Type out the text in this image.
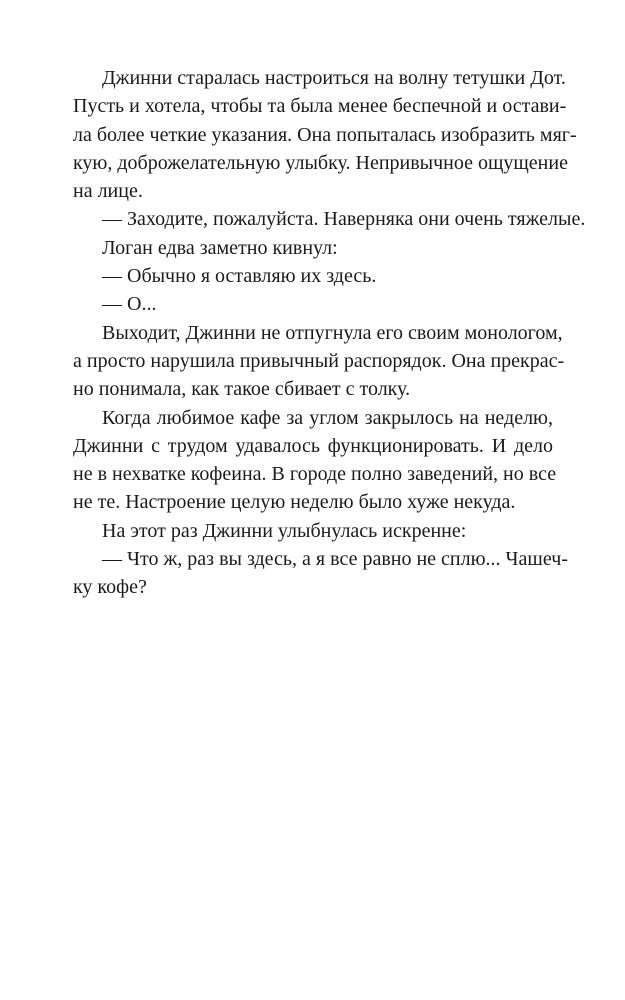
Джинни старалась настроиться на волну тетушки Дот.
Пусть и хотела, чтобы та была менее беспечной и остави-
ла более четкие указания. Она попыталась изобразить мяг-
кую, доброжелательную улыбку. Непривычное ощущение
на лице.
— Заходите, пожалуйста. Наверняка они очень тяжелые.
Логан едва заметно кивнул:
— Обычно я оставляю их здесь.
— О...
Выходит, Джинни не отпугнула его своим монологом,
а просто нарушила привычный распорядок. Она прекрас-
но понимала, как такое сбивает с толку.
Когда любимое кафе за углом закрылось на неделю,
Джинни с трудом удавалось функционировать. И дело
не в нехватке кофеина. В городе полно заведений, но все
не те. Настроение целую неделю было хуже некуда.
На этот раз Джинни улыбнулась искренне:
— Что ж, раз вы здесь, а я все равно не сплю... Чашеч-
ку кофе?
